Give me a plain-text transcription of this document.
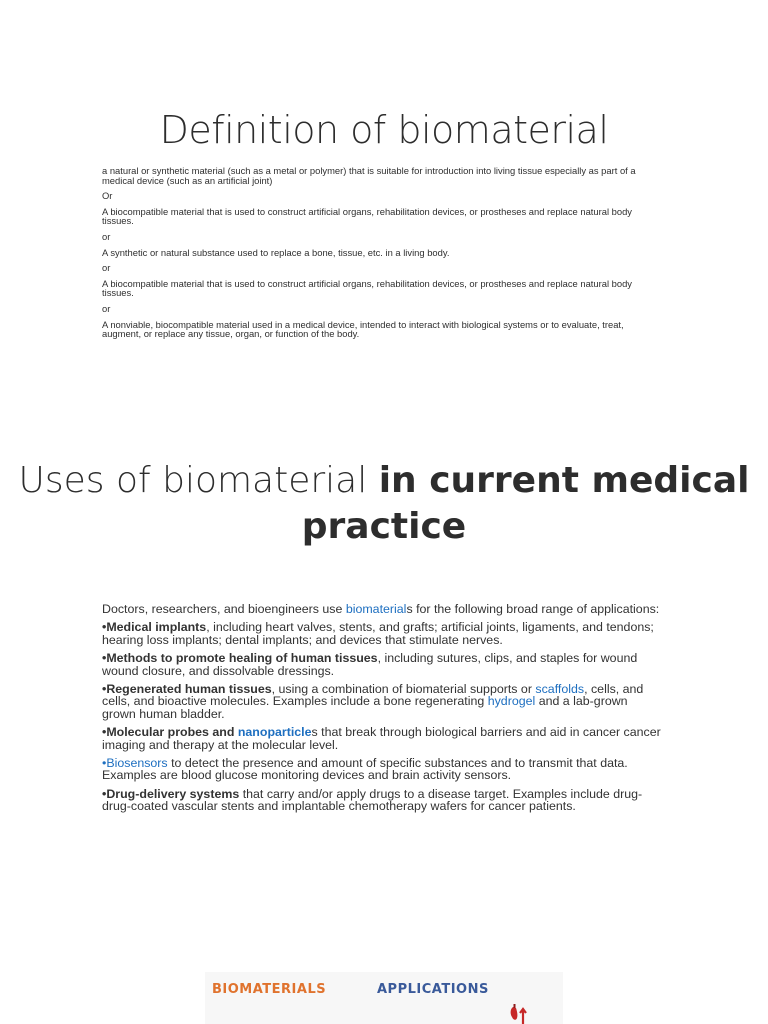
Definition of biomaterial

a natural or synthetic material (such as a metal or polymer) that is suitable for introduction into living tissue especially as part of a medical device (such as an artificial joint)

Or

A biocompatible material that is used to construct artificial organs, rehabilitation devices, or prostheses and replace natural body tissues.

or

A synthetic or natural substance used to replace a bone, tissue, etc. in a living body.

or

A biocompatible material that is used to construct artificial organs, rehabilitation devices, or prostheses and replace natural body tissues.

or

A nonviable, biocompatible material used in a medical device, intended to interact with biological systems or to evaluate, treat, augment, or replace any tissue, organ, or function of the body.

Uses of biomaterial in current medical practice

Doctors, researchers, and bioengineers use biomaterials for the following broad range of applications:

•Medical implants, including heart valves, stents, and grafts; artificial joints, ligaments, and tendons; hearing loss implants; dental implants; and devices that stimulate nerves.

•Methods to promote healing of human tissues, including sutures, clips, and staples for wound wound closure, and dissolvable dressings.

•Regenerated human tissues, using a combination of biomaterial supports or scaffolds, cells, and cells, and bioactive molecules. Examples include a bone regenerating hydrogel and a lab-grown grown human bladder.

•Molecular probes and nanoparticles that break through biological barriers and aid in cancer cancer imaging and therapy at the molecular level.

•Biosensors to detect the presence and amount of specific substances and to transmit that data. Examples are blood glucose monitoring devices and brain activity sensors.

•Drug-delivery systems that carry and/or apply drugs to a disease target. Examples include drug-drug-coated vascular stents and implantable chemotherapy wafers for cancer patients.

BIOMATERIALS	APPLICATIONS
